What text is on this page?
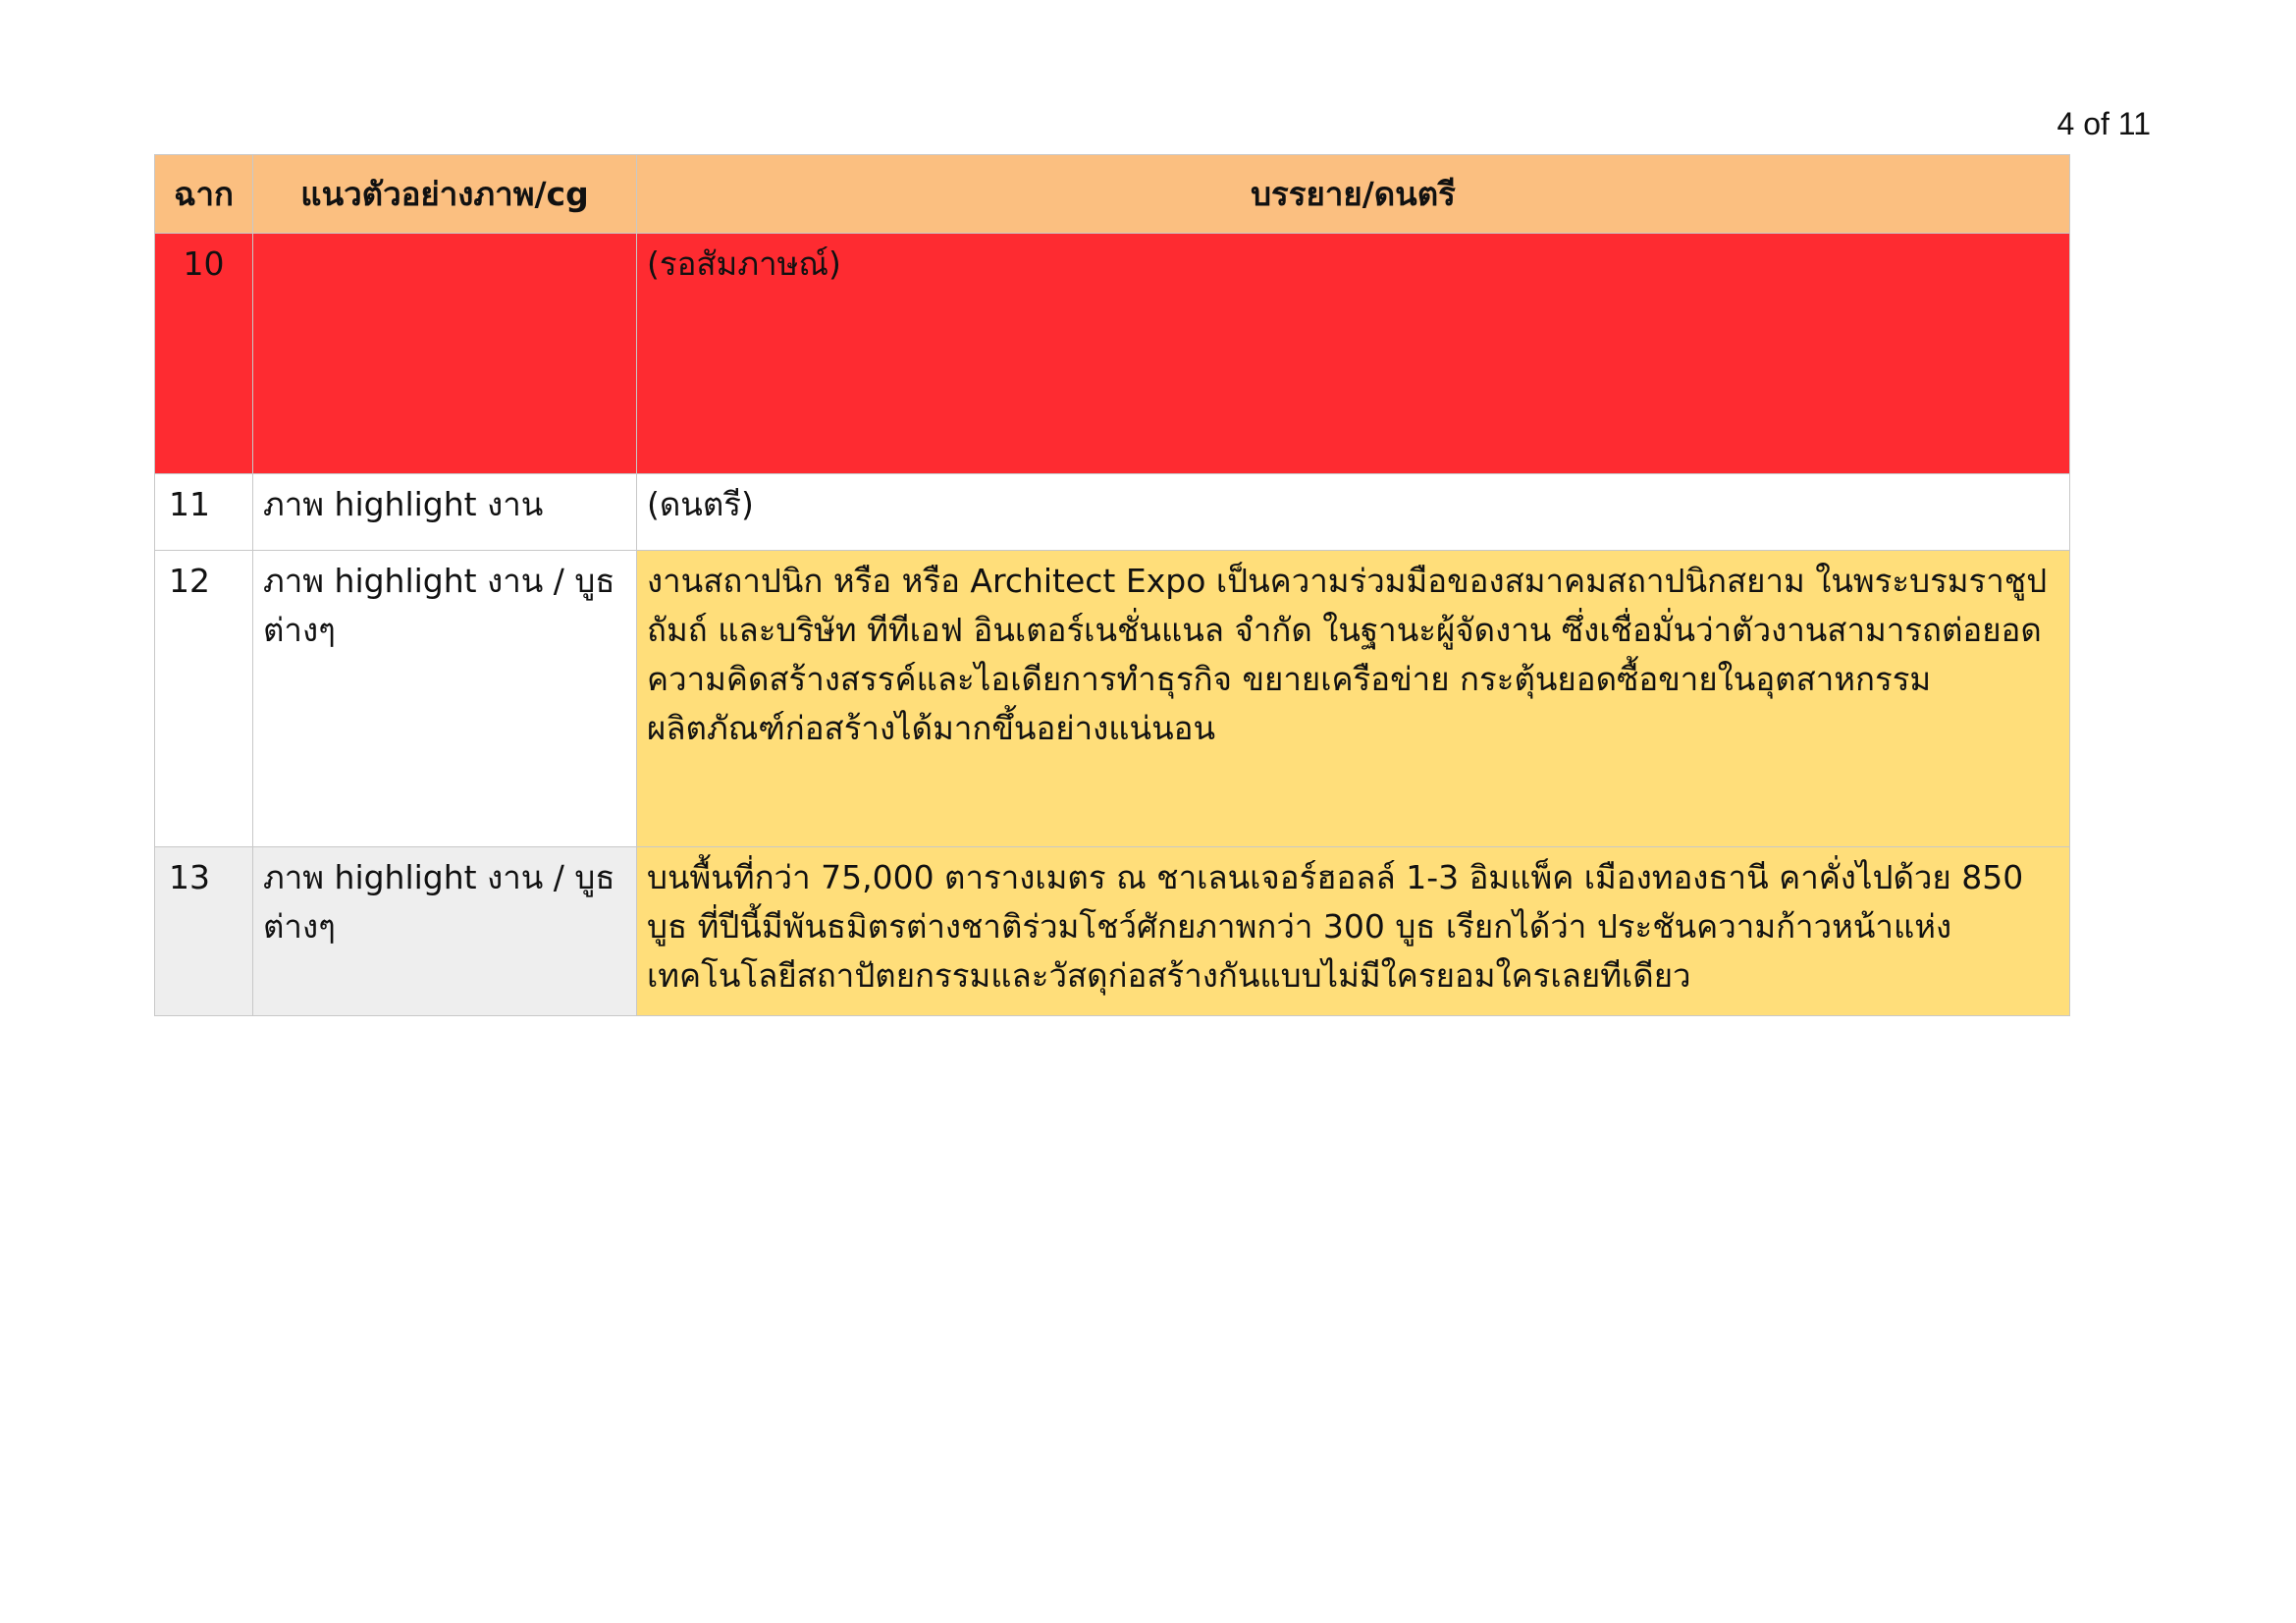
4 of 11
ฉาก	แนวตัวอย่างภาพ/cg	บรรยาย/ดนตรี
10		(รอสัมภาษณ์)
11	ภาพ highlight งาน	(ดนตรี)
12	ภาพ highlight งาน / บูธต่างๆ	งานสถาปนิก หรือ หรือ Architect Expo เป็นความร่วมมือของสมาคมสถาปนิกสยาม ในพระบรมราชูปถัมถ์ และบริษัท ทีทีเอฟ อินเตอร์เนชั่นแนล จำกัด ในฐานะผู้จัดงาน ซึ่งเชื่อมั่นว่าตัวงานสามารถต่อยอดความคิดสร้างสรรค์และไอเดียการทำธุรกิจ ขยายเครือข่าย กระตุ้นยอดซื้อขายในอุตสาหกรรมผลิตภัณฑ์ก่อสร้างได้มากขึ้นอย่างแน่นอน
13	ภาพ highlight งาน / บูธต่างๆ	บนพื้นที่กว่า 75,000 ตารางเมตร ณ ชาเลนเจอร์ฮอลล์ 1-3 อิมแพ็ค เมืองทองธานี คาคั่งไปด้วย 850 บูธ ที่ปีนี้มีพันธมิตรต่างชาติร่วมโชว์ศักยภาพกว่า 300 บูธ เรียกได้ว่า ประชันความก้าวหน้าแห่งเทคโนโลยีสถาปัตยกรรมและวัสดุก่อสร้างกันแบบไม่มีใครยอมใครเลยทีเดียว
